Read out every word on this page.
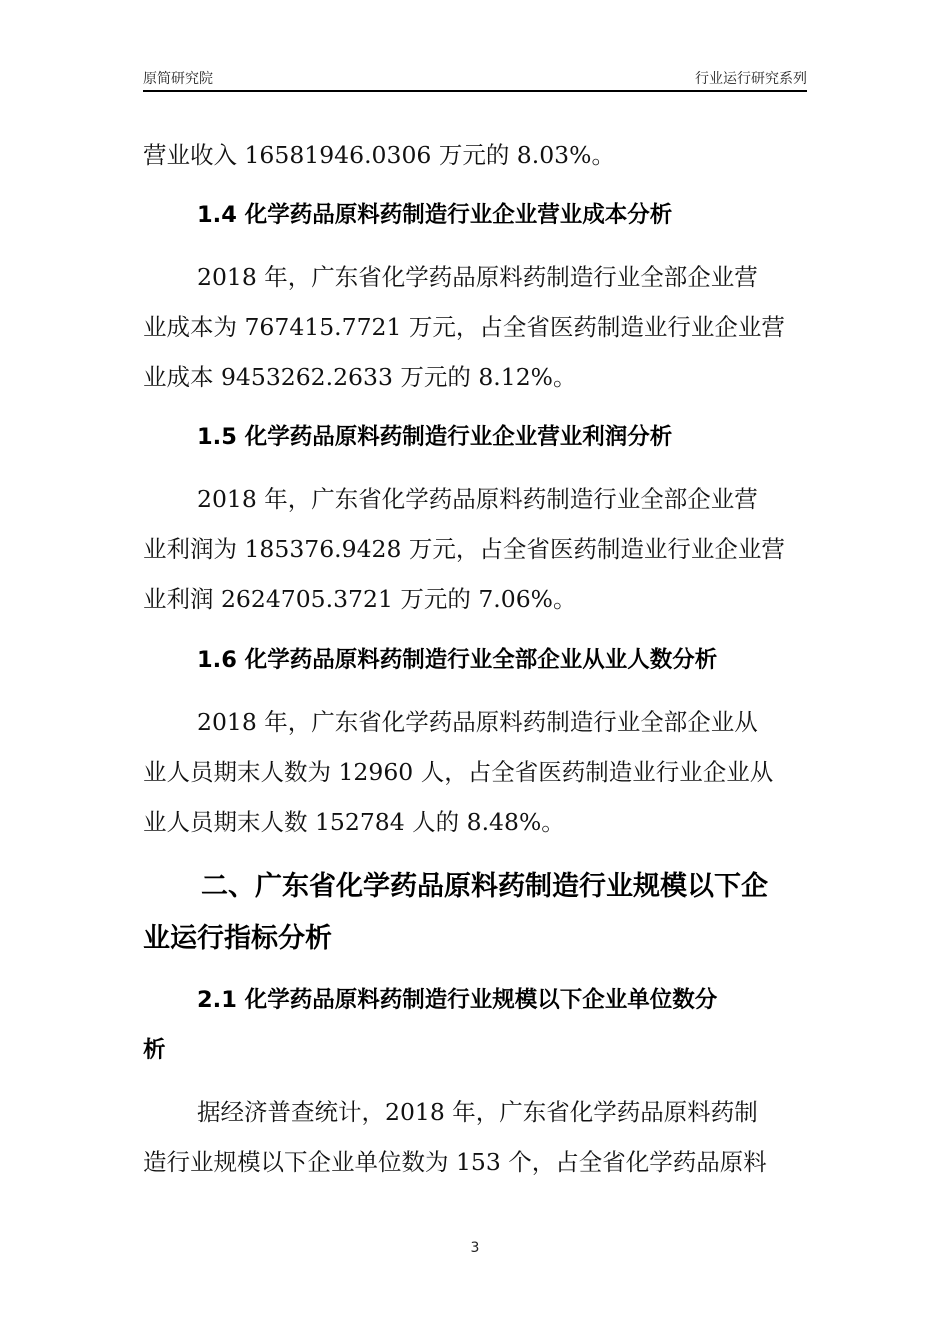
原简研究院	行业运行研究系列
营业收入 16581946.0306 万元的 8.03%。
1.4 化学药品原料药制造行业企业营业成本分析
2018 年，广东省化学药品原料药制造行业全部企业营
业成本为 767415.7721 万元，占全省医药制造业行业企业营
业成本 9453262.2633 万元的 8.12%。
1.5 化学药品原料药制造行业企业营业利润分析
2018 年，广东省化学药品原料药制造行业全部企业营
业利润为 185376.9428 万元，占全省医药制造业行业企业营
业利润 2624705.3721 万元的 7.06%。
1.6 化学药品原料药制造行业全部企业从业人数分析
2018 年，广东省化学药品原料药制造行业全部企业从
业人员期末人数为 12960 人，占全省医药制造业行业企业从
业人员期末人数 152784 人的 8.48%。
二、广东省化学药品原料药制造行业规模以下企
业运行指标分析
2.1 化学药品原料药制造行业规模以下企业单位数分
析
据经济普查统计，2018 年，广东省化学药品原料药制
造行业规模以下企业单位数为 153 个，占全省化学药品原料
3
